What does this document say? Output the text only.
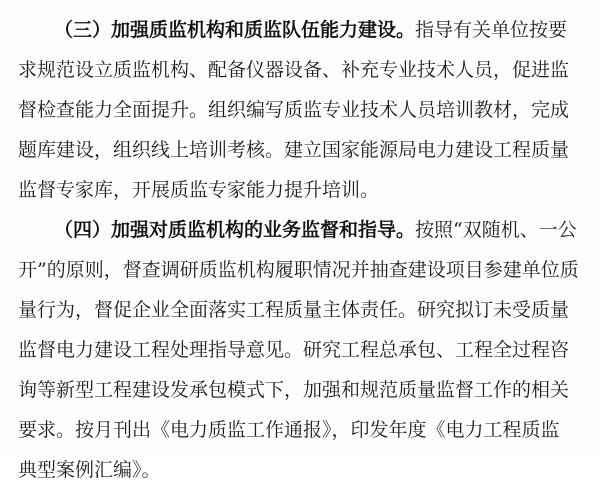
（三）加强质监机构和质监队伍能力建设。指导有关单位按要
求规范设立质监机构、配备仪器设备、补充专业技术人员，促进监
督检查能力全面提升。组织编写质监专业技术人员培训教材，完成
题库建设，组织线上培训考核。建立国家能源局电力建设工程质量
监督专家库，开展质监专家能力提升培训。
（四）加强对质监机构的业务监督和指导。按照“双随机、一公
开”的原则，督查调研质监机构履职情况并抽查建设项目参建单位质
量行为，督促企业全面落实工程质量主体责任。研究拟订未受质量
监督电力建设工程处理指导意见。研究工程总承包、工程全过程咨
询等新型工程建设发承包模式下，加强和规范质量监督工作的相关
要求。按月刊出《电力质监工作通报》，印发年度《电力工程质监
典型案例汇编》。
